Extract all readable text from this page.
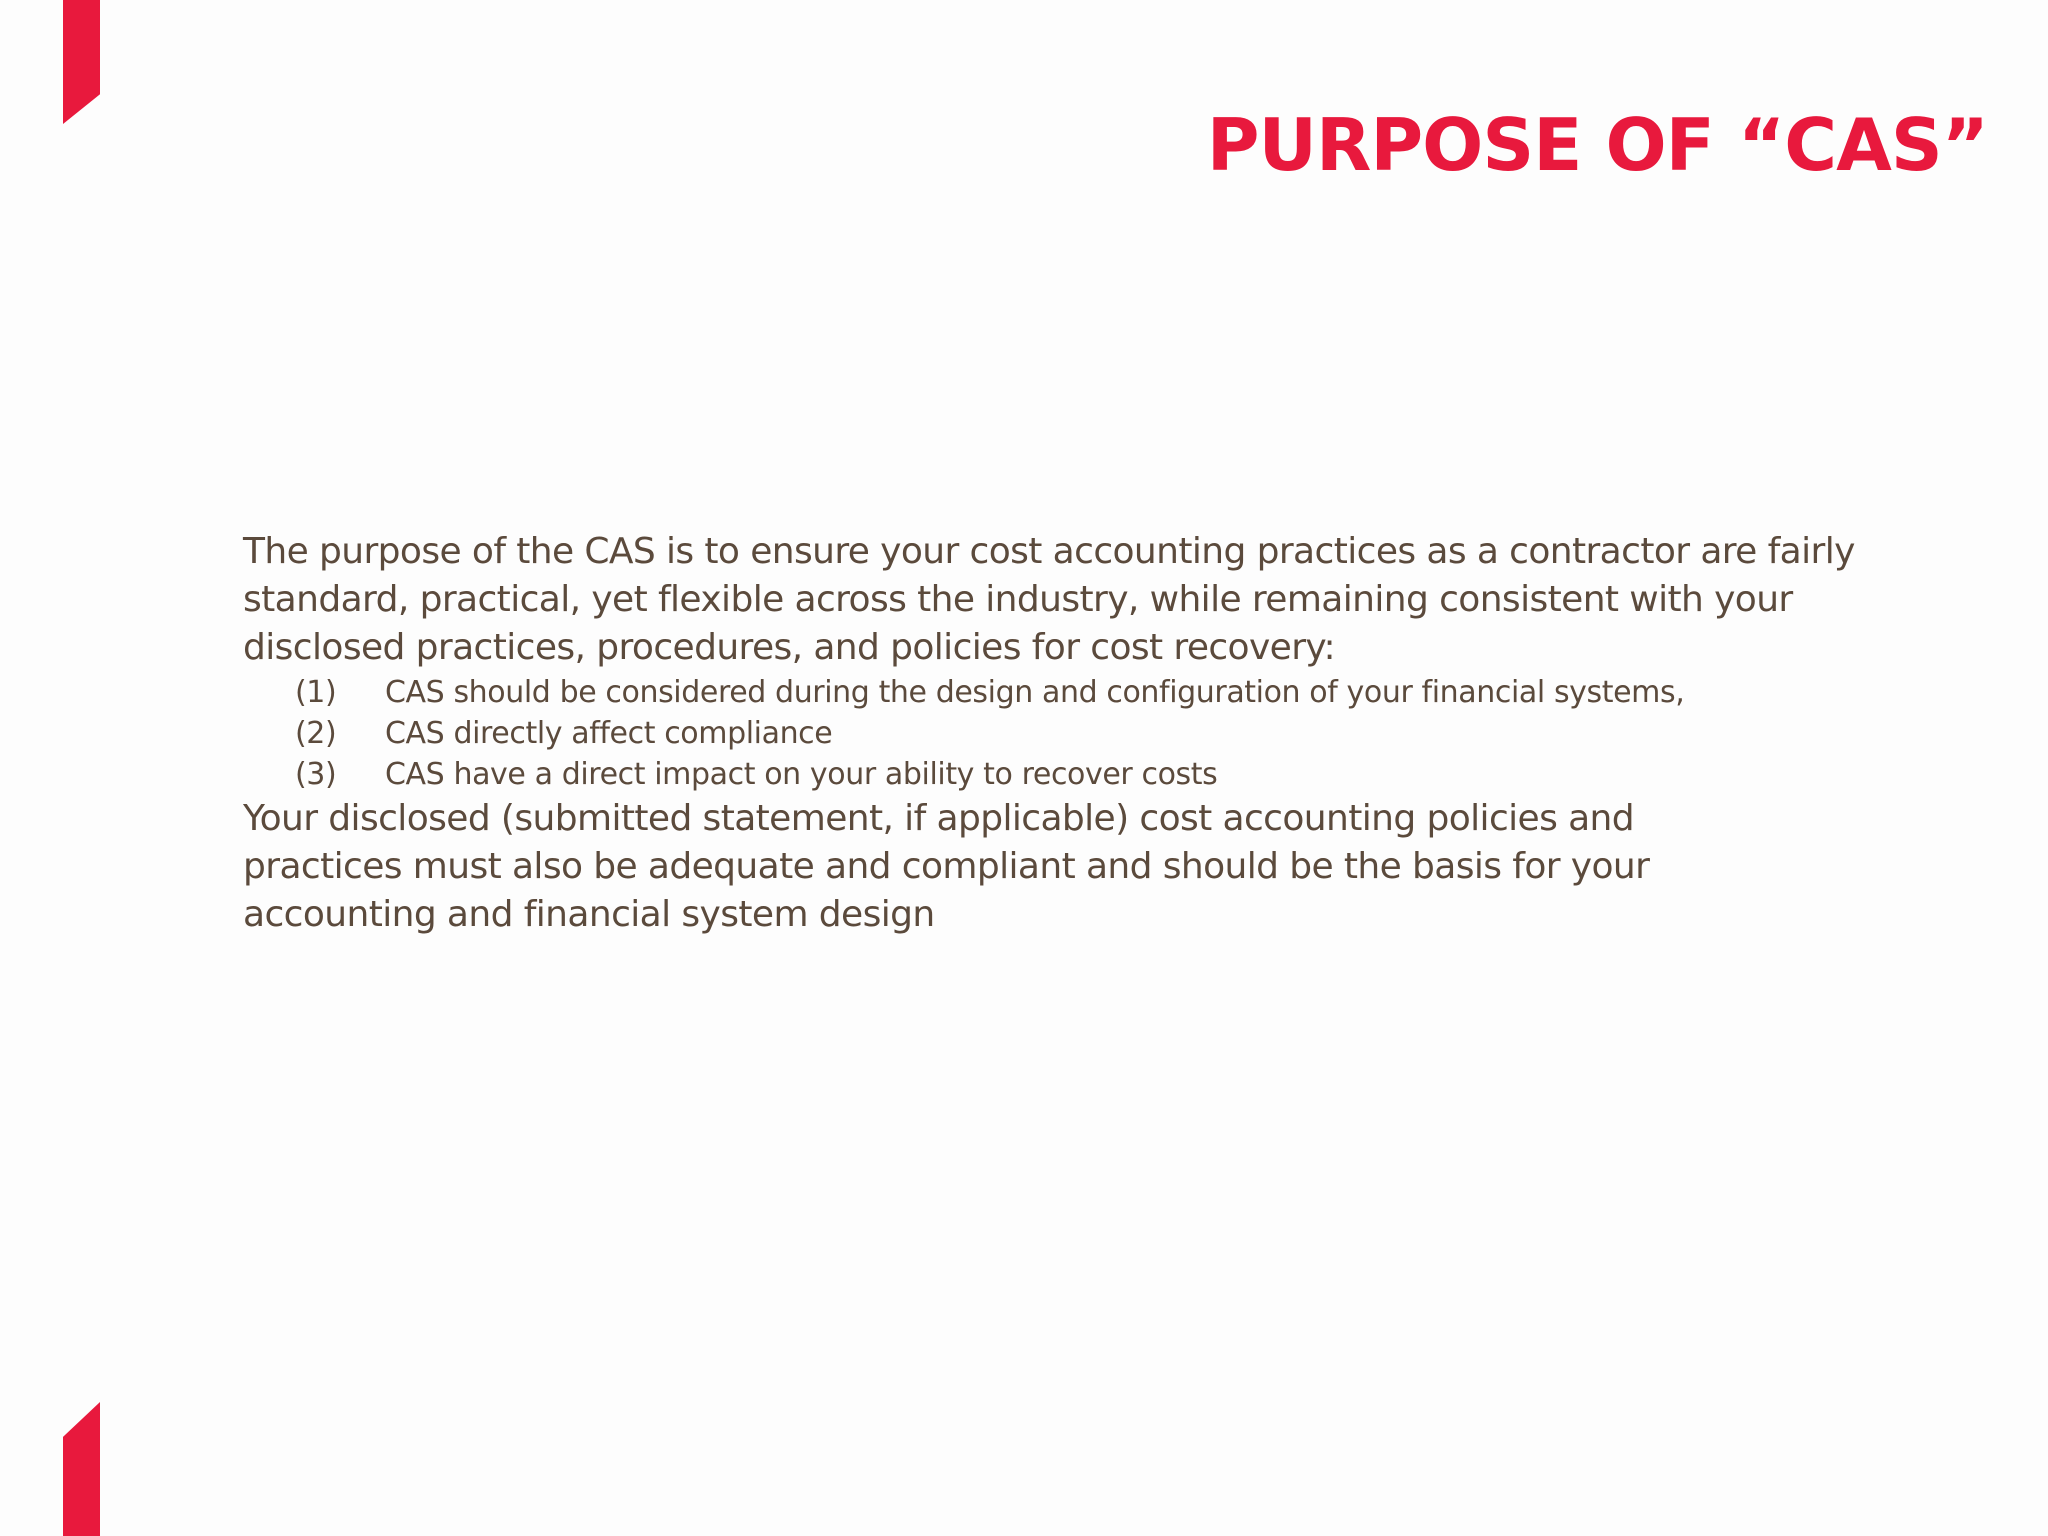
PURPOSE OF “CAS”

The purpose of the CAS is to ensure your cost accounting practices as a contractor are fairly
standard, practical, yet flexible across the industry, while remaining consistent with your
disclosed practices, procedures, and policies for cost recovery:

(1)	CAS should be considered during the design and configuration of your financial systems,
(2)	CAS directly affect compliance
(3)	CAS have a direct impact on your ability to recover costs

Your disclosed (submitted statement, if applicable) cost accounting policies and
practices must also be adequate and compliant and should be the basis for your
accounting and financial system design
